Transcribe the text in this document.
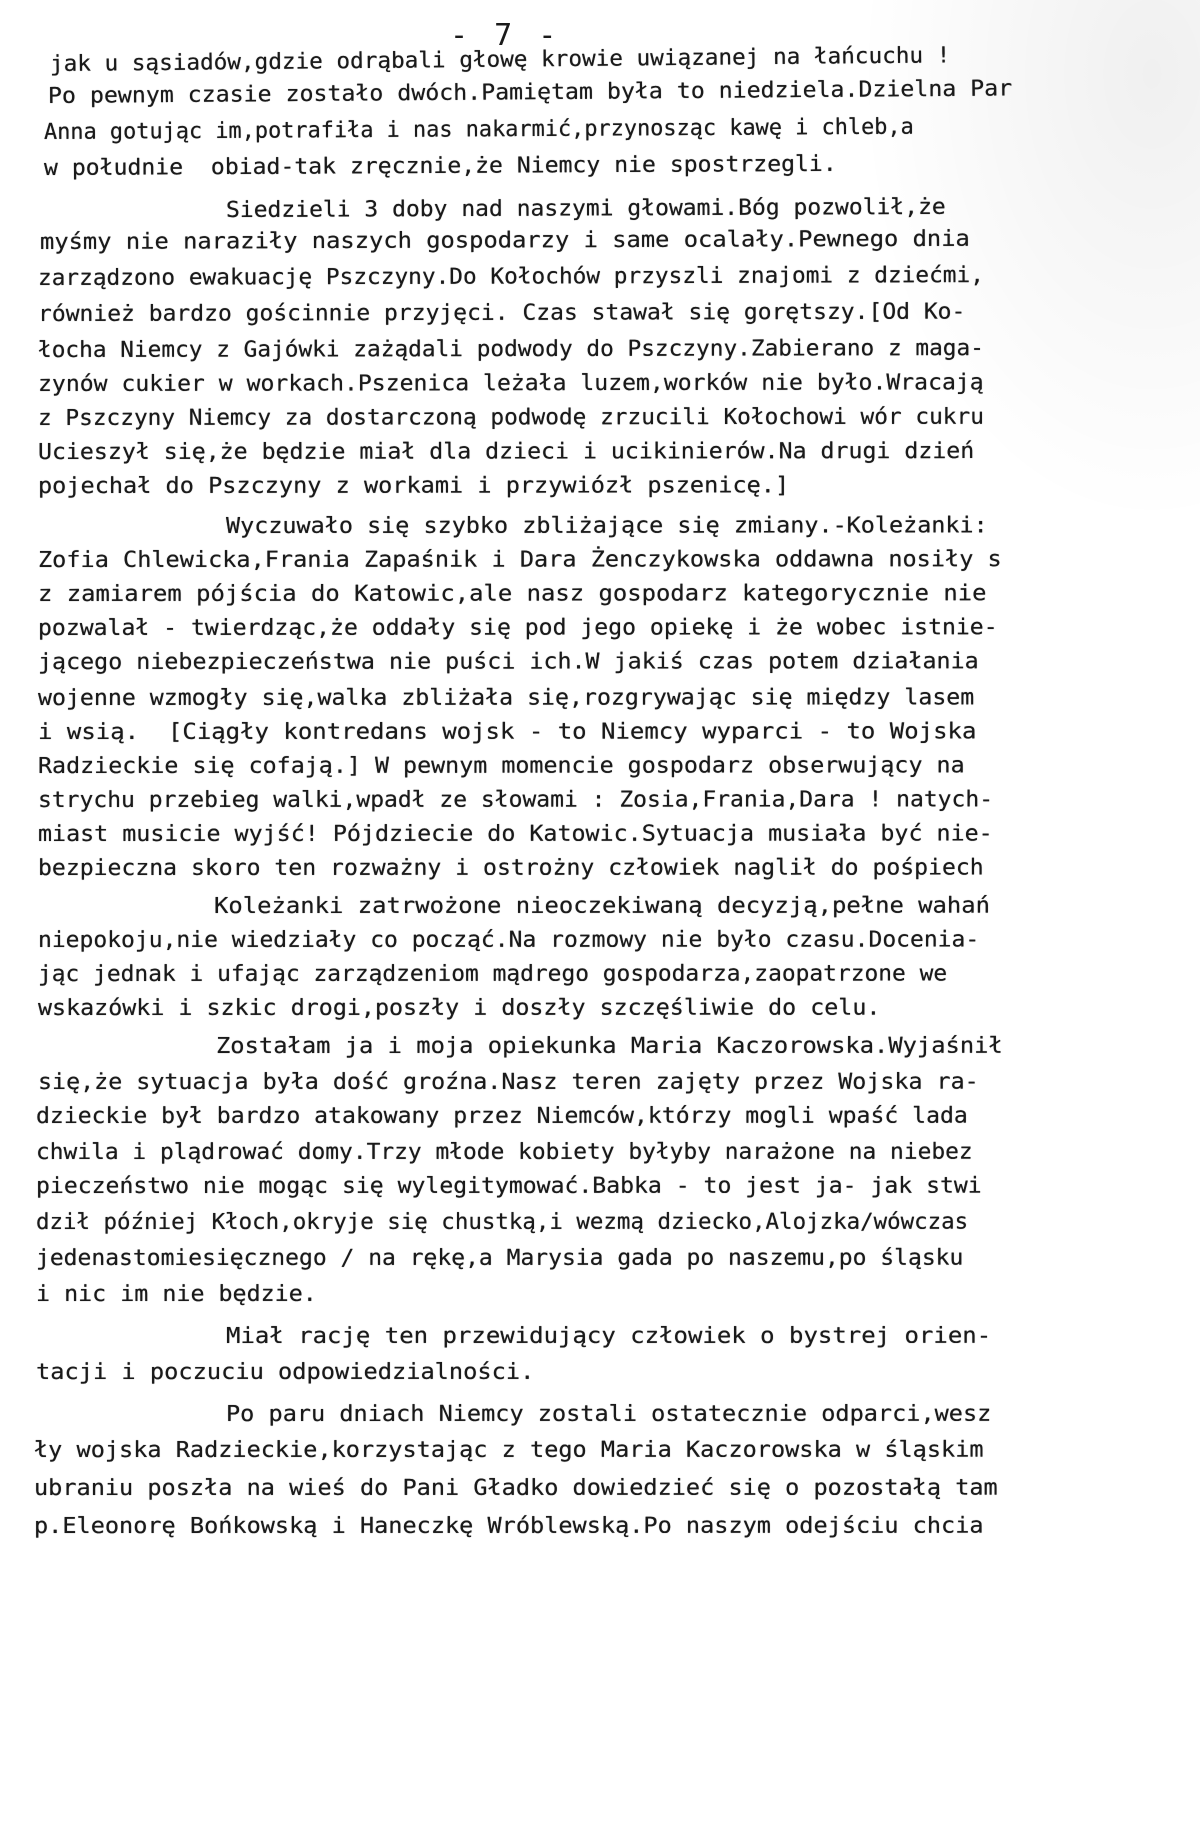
- 7 -
jak u sąsiadów,gdzie odrąbali głowę krowie uwiązanej na łańcuchu !
Po pewnym czasie zostało dwóch.Pamiętam była to niedziela.Dzielna Par
Anna gotując im,potrafiła i nas nakarmić,przynosząc kawę i chleb,a
w południe  obiad-tak zręcznie,że Niemcy nie spostrzegli.
Siedzieli 3 doby nad naszymi głowami.Bóg pozwolił,że
myśmy nie naraziły naszych gospodarzy i same ocalały.Pewnego dnia
zarządzono ewakuację Pszczyny.Do Kołochów przyszli znajomi z dziećmi,
również bardzo gościnnie przyjęci. Czas stawał się gorętszy.[Od Ko-
łocha Niemcy z Gajówki zażądali podwody do Pszczyny.Zabierano z maga-
zynów cukier w workach.Pszenica leżała luzem,worków nie było.Wracają
z Pszczyny Niemcy za dostarczoną podwodę zrzucili Kołochowi wór cukru
Ucieszył się,że będzie miał dla dzieci i ucikinierów.Na drugi dzień
pojechał do Pszczyny z workami i przywiózł pszenicę.]
Wyczuwało się szybko zbliżające się zmiany.-Koleżanki:
Zofia Chlewicka,Frania Zapaśnik i Dara Żenczykowska oddawna nosiły s
z zamiarem pójścia do Katowic,ale nasz gospodarz kategorycznie nie
pozwalał - twierdząc,że oddały się pod jego opiekę i że wobec istnie-
jącego niebezpieczeństwa nie puści ich.W jakiś czas potem działania
wojenne wzmogły się,walka zbliżała się,rozgrywając się między lasem
i wsią.  [Ciągły kontredans wojsk - to Niemcy wyparci - to Wojska
Radzieckie się cofają.] W pewnym momencie gospodarz obserwujący na
strychu przebieg walki,wpadł ze słowami : Zosia,Frania,Dara ! natych-
miast musicie wyjść! Pójdziecie do Katowic.Sytuacja musiała być nie-
bezpieczna skoro ten rozważny i ostrożny człowiek naglił do pośpiech
Koleżanki zatrwożone nieoczekiwaną decyzją,pełne wahań
niepokoju,nie wiedziały co począć.Na rozmowy nie było czasu.Docenia-
jąc jednak i ufając zarządzeniom mądrego gospodarza,zaopatrzone we
wskazówki i szkic drogi,poszły i doszły szczęśliwie do celu.
Zostałam ja i moja opiekunka Maria Kaczorowska.Wyjaśnił
się,że sytuacja była dość groźna.Nasz teren zajęty przez Wojska ra-
dzieckie był bardzo atakowany przez Niemców,którzy mogli wpaść lada
chwila i plądrować domy.Trzy młode kobiety byłyby narażone na niebez
pieczeństwo nie mogąc się wylegitymować.Babka - to jest ja- jak stwi
dził później Kłoch,okryje się chustką,i wezmą dziecko,Alojzka/wówczas
jedenastomiesięcznego / na rękę,a Marysia gada po naszemu,po śląsku
i nic im nie będzie.
Miał rację ten przewidujący człowiek o bystrej orien-
tacji i poczuciu odpowiedzialności.
Po paru dniach Niemcy zostali ostatecznie odparci,wesz
ły wojska Radzieckie,korzystając z tego Maria Kaczorowska w śląskim
ubraniu poszła na wieś do Pani Gładko dowiedzieć się o pozostałą tam
p.Eleonorę Bońkowską i Haneczkę Wróblewską.Po naszym odejściu chcia
